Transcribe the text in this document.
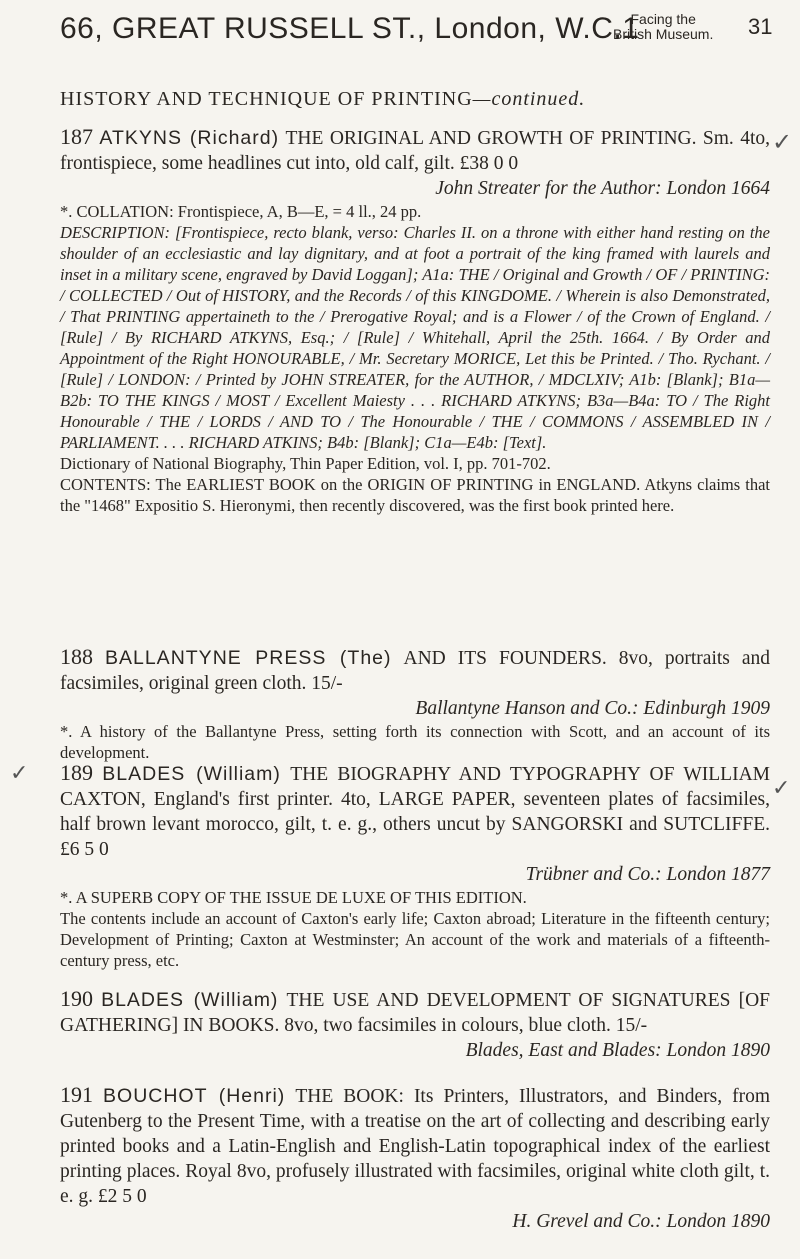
66, GREAT RUSSELL ST., London, W.C.1
Facing the
British Museum. 31
HISTORY AND TECHNIQUE OF PRINTING—continued.
✓
✓
✓
187 ATKYNS (Richard) THE ORIGINAL AND GROWTH OF PRINTING. Sm. 4to, frontispiece, some headlines cut into, old calf, gilt. £38 0 0
John Streater for the Author: London 1664
*. COLLATION: Frontispiece, A, B—E, = 4 ll., 24 pp.
DESCRIPTION: [Frontispiece, recto blank, verso: Charles II. on a throne with either hand resting on the shoulder of an ecclesiastic and lay dignitary, and at foot a portrait of the king framed with laurels and inset in a military scene, engraved by David Loggan]; A1a: THE / Original and Growth / OF / PRINTING: / COLLECTED / Out of HISTORY, and the Records / of this KINGDOME. / Wherein is also Demonstrated, / That PRINTING appertaineth to the / Prerogative Royal; and is a Flower / of the Crown of England. / [Rule] / By RICHARD ATKYNS, Esq.; / [Rule] / Whitehall, April the 25th. 1664. / By Order and Appointment of the Right HONOURABLE, / Mr. Secretary MORICE, Let this be Printed. / Tho. Rychant. / [Rule] / LONDON: / Printed by JOHN STREATER, for the AUTHOR, / MDCLXIV; A1b: [Blank]; B1a—B2b: TO THE KINGS / MOST / Excellent Maiesty . . . RICHARD ATKYNS; B3a—B4a: TO / The Right Honourable / THE / LORDS / AND TO / The Honourable / THE / COMMONS / ASSEMBLED IN / PARLIAMENT. . . . RICHARD ATKINS; B4b: [Blank]; C1a—E4b: [Text].
Dictionary of National Biography, Thin Paper Edition, vol. I, pp. 701-702.
CONTENTS: The EARLIEST BOOK on the ORIGIN OF PRINTING in ENGLAND. Atkyns claims that the "1468" Expositio S. Hieronymi, then recently discovered, was the first book printed here.
188 BALLANTYNE PRESS (The) AND ITS FOUNDERS. 8vo, portraits and facsimiles, original green cloth. 15/-
Ballantyne Hanson and Co.: Edinburgh 1909
*. A history of the Ballantyne Press, setting forth its connection with Scott, and an account of its development.
189 BLADES (William) THE BIOGRAPHY AND TYPOGRAPHY OF WILLIAM CAXTON, England's first printer. 4to, LARGE PAPER, seventeen plates of facsimiles, half brown levant morocco, gilt, t. e. g., others uncut by SANGORSKI and SUTCLIFFE. £6 5 0
Trübner and Co.: London 1877
*. A SUPERB COPY OF THE ISSUE DE LUXE OF THIS EDITION.
The contents include an account of Caxton's early life; Caxton abroad; Literature in the fifteenth century; Development of Printing; Caxton at Westminster; An account of the work and materials of a fifteenth-century press, etc.
190 BLADES (William) THE USE AND DEVELOPMENT OF SIGNATURES [OF GATHERING] IN BOOKS. 8vo, two facsimiles in colours, blue cloth. 15/-
Blades, East and Blades: London 1890
191 BOUCHOT (Henri) THE BOOK: Its Printers, Illustrators, and Binders, from Gutenberg to the Present Time, with a treatise on the art of collecting and describing early printed books and a Latin-English and English-Latin topographical index of the earliest printing places. Royal 8vo, profusely illustrated with facsimiles, original white cloth gilt, t. e. g. £2 5 0
H. Grevel and Co.: London 1890
